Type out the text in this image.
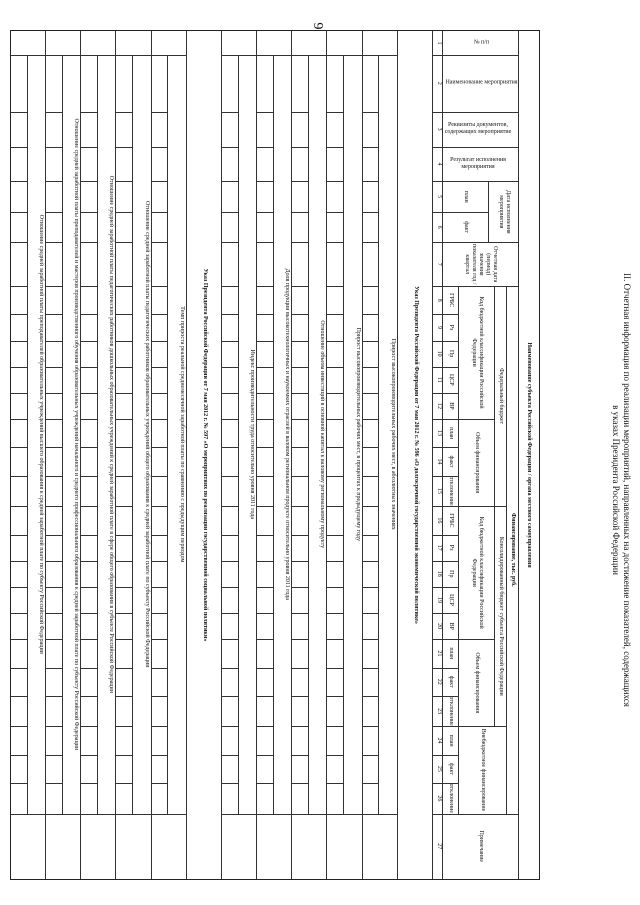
6
II. Отчетная информация по реализации мероприятий, направленных на достижение показателей, содержащихся
в указах Президента Российской Федерации
Наименование субъекта Российской Федерации / органа местного самоуправления
№ п/п
Наименование мероприятия
Реквизиты документов, содержащих мероприятие
Результат исполнения мероприятия
Дата исполнения мероприятия
план
факт
Отчетная дата (период) значения показателя год / квартал
Финансирование, тыс. руб.
Примечание
Федеральный бюджет
Код бюджетной классификации Российской Федерации
ГРБС
Рз
Пр
ЦСР
ВР
Объем финансирования
план
факт
отклонение
Консолидированный бюджет субъекта Российской Федерации
Код бюджетной классификации Российской Федерации
ГРБС
Рз
Пр
ЦСР
ВР
Объем финансирования
план
факт
отклонение
Внебюджетное финансирование
план
факт
отклонение
1
2
3
4
5
6
7
8
9
10
11
12
13
14
15
16
17
18
19
20
21
22
23
24
25
26
27
Указ Президента Российской Федерации от 7 мая 2012 г. № 596 «О долгосрочной государственной экономической политике»
Прирост высокопроизводительных рабочих мест, в абсолютных значениях
Прирост высокопроизводительных рабочих мест, в процентах к предыдущему году
Отношение объема инвестиций в основной капитал к валовому региональному продукту
Доля продукции высокотехнологичных и наукоемких отраслей в валовом региональном продукте относительно уровня 2011 года
Индекс производительности труда относительно уровня 2011 года
Указ Президента Российской Федерации от 7 мая 2012 г. № 597 «О мероприятиях по реализации государственной социальной политики»
Темп прироста реальной среднемесячной заработной платы по сравнению с предыдущим периодом
Отношение средней заработной платы педагогических работников образовательных учреждений общего образования к средней заработной плате по субъекту Российской Федерации
Отношение средней заработной платы педагогических работников дошкольных образовательных учреждений к средней заработной плате в сфере общего образования в субъекте Российской Федерации
Отношение средней заработной платы преподавателей и мастеров производственного обучения образовательных учреждений начального и среднего профессионального образования к средней заработной плате по субъекту Российской Федерации
Отношение средней заработной платы преподавателей образовательных учреждений высшего образования к средней заработной плате по субъекту Российской Федерации
